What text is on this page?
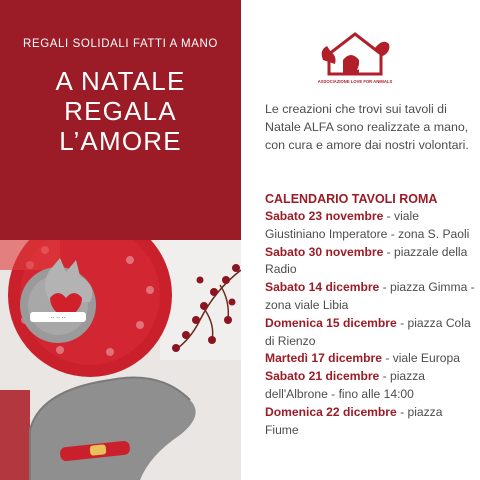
REGALI SOLIDALI FATTI A MANO
A NATALE
REGALA
L’AMORE
·· ·· ··
ALFA
ASSOCIAZIONE LOVE FOR ANIMALS
Le creazioni che trovi sui tavoli di Natale ALFA sono realizzate a mano, con cura e amore dai nostri volontari.
CALENDARIO TAVOLI ROMA

Sabato 23 novembre - viale Giustiniano Imperatore - zona S. Paoli

Sabato 30 novembre - piazzale della Radio

Sabato 14 dicembre - piazza Gimma - zona viale Libia

Domenica 15 dicembre - piazza Cola di Rienzo

Martedì 17 dicembre - viale Europa

Sabato 21 dicembre - piazza dell'Albrone - fino alle 14:00

Domenica 22 dicembre - piazza Fiume
